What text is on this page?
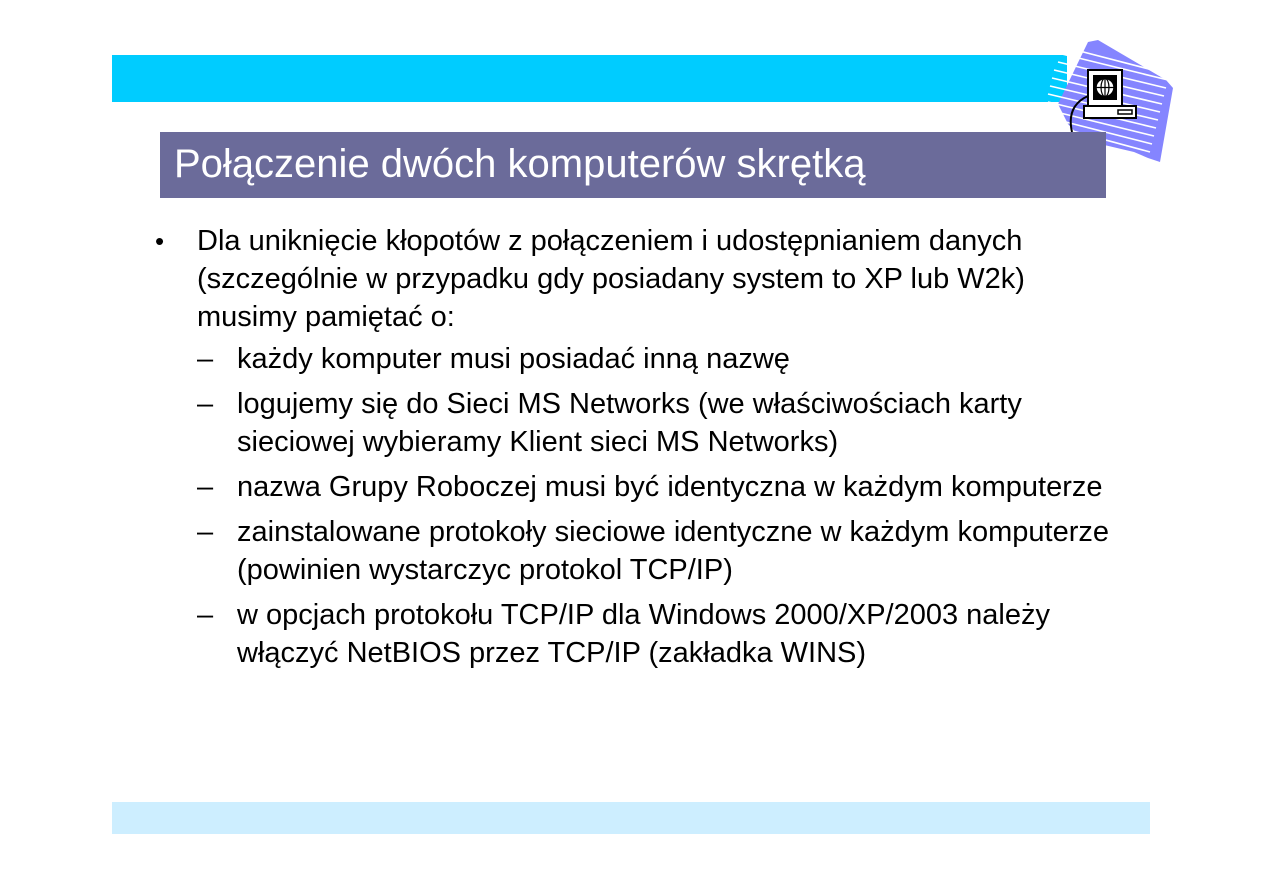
Połączenie dwóch komputerów skrętką
•	Dla uniknięcie kłopotów z połączeniem i udostępnianiem danych (szczególnie w przypadku gdy posiadany system to XP lub W2k) musimy pamiętać o:
– każdy komputer musi posiadać inną nazwę
– logujemy się do Sieci MS Networks (we właściwościach karty sieciowej wybieramy Klient sieci MS Networks)
– nazwa Grupy Roboczej musi być identyczna w każdym komputerze
– zainstalowane protokoły sieciowe identyczne w każdym komputerze (powinien wystarczyc protokol TCP/IP)
– w opcjach protokołu TCP/IP dla Windows 2000/XP/2003 należy włączyć NetBIOS przez TCP/IP (zakładka WINS)
